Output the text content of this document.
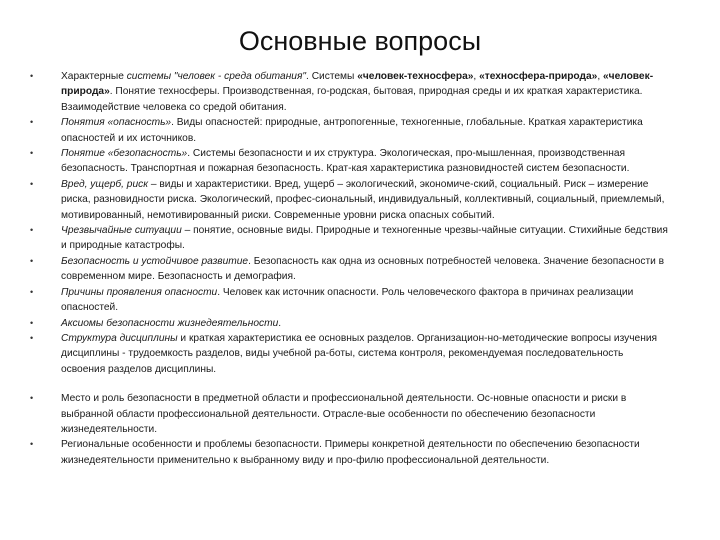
Основные вопросы
•	Характерные системы "человек - среда обитания". Системы «человек-техносфера», «техносфера-природа», «человек-природа». Понятие техносферы. Производственная, го-родская, бытовая, природная среды и их краткая характеристика. Взаимодействие человека со средой обитания.
•	Понятия «опасность». Виды опасностей: природные, антропогенные, техногенные, глобальные. Краткая характеристика опасностей и их источников.
•	Понятие «безопасность». Системы безопасности и их структура. Экологическая, про-мышленная, производственная безопасность. Транспортная и пожарная безопасность. Крат-кая характеристика разновидностей систем безопасности.
•	Вред, ущерб, риск – виды и характеристики. Вред, ущерб – экологический, экономиче-ский, социальный. Риск – измерение риска, разновидности риска. Экологический, профес-сиональный, индивидуальный, коллективный, социальный, приемлемый, мотивированный, немотивированный риски. Современные уровни риска опасных событий.
•	Чрезвычайные ситуации – понятие, основные виды. Природные и техногенные чрезвы-чайные ситуации. Стихийные бедствия и природные катастрофы.
•	Безопасность и устойчивое развитие. Безопасность как одна из основных потребностей человека. Значение безопасности в современном мире. Безопасность и демография.
•	Причины проявления опасности. Человек как источник опасности. Роль человеческого фактора в причинах реализации опасностей.
•	Аксиомы безопасности жизнедеятельности.
•	Структура дисциплины и краткая характеристика ее основных разделов. Организацион-но-методические вопросы изучения дисциплины - трудоемкость разделов, виды учебной ра-боты, система контроля, рекомендуемая последовательность освоения разделов дисциплины.
•	Место и роль безопасности в предметной области и профессиональной деятельности. Ос-новные опасности и риски в выбранной области профессиональной деятельности. Отрасле-вые особенности по обеспечению безопасности жизнедеятельности.
•	Региональные особенности и проблемы безопасности. Примеры конкретной деятельности по обеспечению безопасности жизнедеятельности применительно к выбранному виду и про-филю профессиональной деятельности.
